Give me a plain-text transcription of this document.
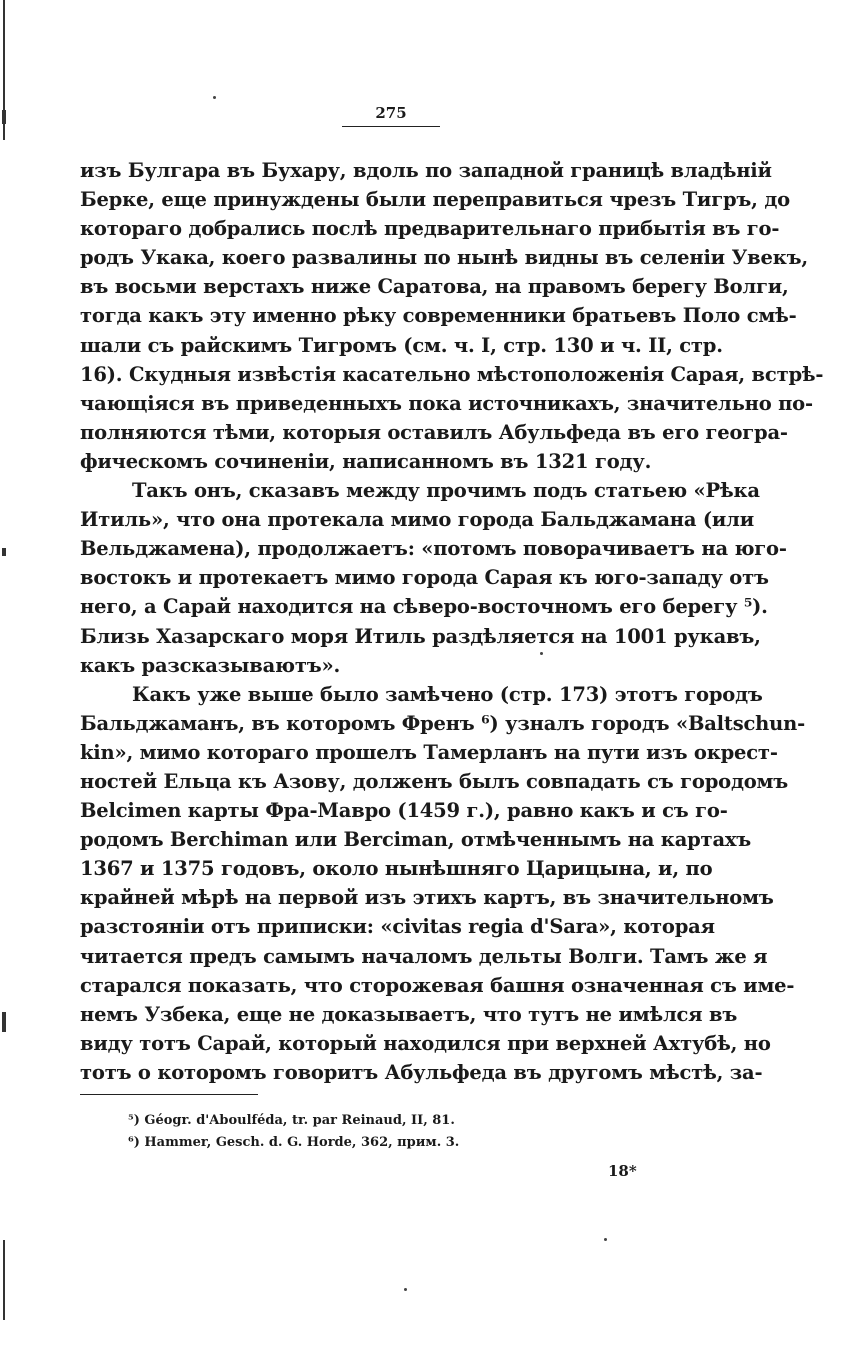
275
изъ Булгара въ Бухару, вдоль по западной границѣ владѣній
Берке, еще принуждены были переправиться чрезъ Тигръ, до
котораго добрались послѣ предварительнаго прибытія въ го-
родъ Укака, коего развалины по нынѣ видны въ селеніи Увекъ,
въ восьми верстахъ ниже Саратова, на правомъ берегу Волги,
тогда какъ эту именно рѣку современники братьевъ Поло смѣ-
шали съ райскимъ Тигромъ (см. ч. I, стр. 130 и ч. II, стр.
16). Скудныя извѣстія касательно мѣстоположенія Сарая, встрѣ-
чающіяся въ приведенныхъ пока источникахъ, значительно по-
полняются тѣми, которыя оставилъ Абульфеда въ его геогра-
фическомъ сочиненіи, написанномъ въ 1321 году.
Такъ онъ, сказавъ между прочимъ подъ статьею «Рѣка
Итиль», что она протекала мимо города Бальджамана (или
Вельджамена), продолжаетъ: «потомъ поворачиваетъ на юго-
востокъ и протекаетъ мимо города Сарая къ юго-западу отъ
него, а Сарай находится на сѣверо-восточномъ его берегу ⁵).
Близь Хазарскаго моря Итиль раздѣляется на 1001 рукавъ,
какъ разсказываютъ».
Какъ уже выше было замѣчено (стр. 173) этотъ городъ
Бальджаманъ, въ которомъ Френъ ⁶) узналъ городъ «Baltschun-
kin», мимо котораго прошелъ Тамерланъ на пути изъ окрест-
ностей Ельца къ Азову, долженъ былъ совпадать съ городомъ
Belcimen карты Фра-Мавро (1459 г.), равно какъ и съ го-
родомъ Berchiman или Berciman, отмѣченнымъ на картахъ
1367 и 1375 годовъ, около нынѣшняго Царицына, и, по
крайней мѣрѣ на первой изъ этихъ картъ, въ значительномъ
разстояніи отъ приписки: «civitas regia d'Sara», которая
читается предъ самымъ началомъ дельты Волги. Тамъ же я
старался показать, что сторожевая башня означенная съ име-
немъ Узбека, еще не доказываетъ, что тутъ не имѣлся въ
виду тотъ Сарай, который находился при верхней Ахтубѣ, но
тотъ о которомъ говоритъ Абульфеда въ другомъ мѣстѣ, за-
⁵) Géogr. d'Aboulféda, tr. par Reinaud, II, 81.
⁶) Hammer, Gesch. d. G. Horde, 362, прим. 3.
18*
